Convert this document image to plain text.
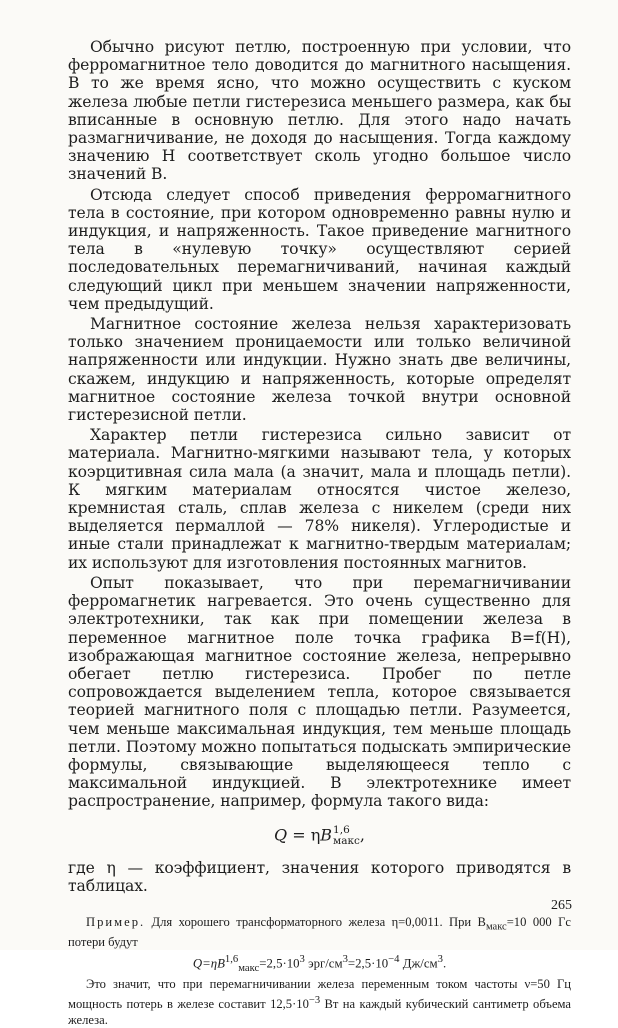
Обычно рисуют петлю, построенную при условии, что ферромагнитное тело доводится до магнитного насыщения. В то же время ясно, что можно осуществить с куском железа любые петли гистерезиса меньшего размера, как бы вписанные в основную петлю. Для этого надо начать размагничивание, не доходя до насыщения. Тогда каждому значению H соответствует сколь угодно большое число значений B.

Отсюда следует способ приведения ферромагнитного тела в состояние, при котором одновременно равны нулю и индукция, и напряженность. Такое приведение магнитного тела в «нулевую точку» осуществляют серией последовательных перемагничиваний, начиная каждый следующий цикл при меньшем значении напряженности, чем предыдущий.

Магнитное состояние железа нельзя характеризовать только значением проницаемости или только величиной напряженности или индукции. Нужно знать две величины, скажем, индукцию и напряженность, которые определят магнитное состояние железа точкой внутри основной гистерезисной петли.

Характер петли гистерезиса сильно зависит от материала. Магнитно-мягкими называют тела, у которых коэрцитивная сила мала (а значит, мала и площадь петли). К мягким материалам относятся чистое железо, кремнистая сталь, сплав железа с никелем (среди них выделяется пермаллой — 78% никеля). Углеродистые и иные стали принадлежат к магнитно-твердым материалам; их используют для изготовления постоянных магнитов.

Опыт показывает, что при перемагничивании ферромагнетик нагревается. Это очень существенно для электротехники, так как при помещении железа в переменное магнитное поле точка графика B=f(H), изображающая магнитное состояние железа, непрерывно обегает петлю гистерезиса. Пробег по петле сопровождается выделением тепла, которое связывается теорией магнитного поля с площадью петли. Разумеется, чем меньше максимальная индукция, тем меньше площадь петли. Поэтому можно попытаться подыскать эмпирические формулы, связывающие выделяющееся тепло с максимальной индукцией. В электротехнике имеет распространение, например, формула такого вида:

Q = ηB 1,6
макс ,

где η — коэффициент, значения которого приводятся в таблицах.

Пример. Для хорошего трансформаторного железа η=0,0011. При $B_{макс}=10$ 000 Гс потери будут

$Q=\eta B^{1,6}_{макс}=2,5\cdot 10^3$ эрг/$см^3=2,5\cdot 10^{-4}$ $Дж/см^3$.

Это значит, что при перемагничивании железа переменным током частоты ν=50 Гц мощность потерь в железе составит $12,5\cdot 10^{-3}$ Вт на каждый кубический сантиметр объема железа.

265
